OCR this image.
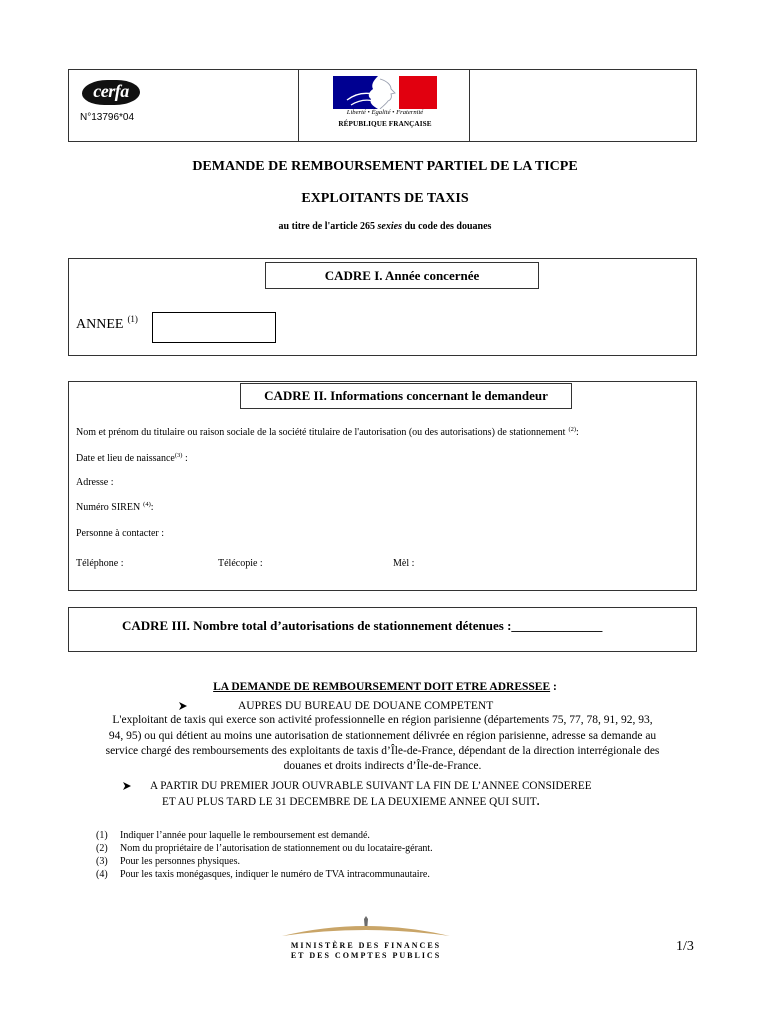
cerfa
N°13796*04	Liberté • Égalité • Fraternité
RÉPUBLIQUE FRANÇAISE
DEMANDE DE REMBOURSEMENT PARTIEL DE LA TICPE
EXPLOITANTS DE TAXIS
au titre de l'article 265 sexies du code des douanes
CADRE I. Année concernée
ANNEE $^{(1)}$
CADRE II. Informations concernant le demandeur
Nom et prénom du titulaire ou raison sociale de la société titulaire de l'autorisation (ou des autorisations) de stationnement $^{(2)}$:
Date et lieu de naissance$^{(3)}$ :
Adresse :
Numéro SIREN $^{(4)}$:
Personne à contacter :
Téléphone :	Télécopie :	Mèl :
CADRE III. Nombre total d’autorisations de stationnement détenues :______________
LA DEMANDE DE REMBOURSEMENT DOIT ETRE ADRESSEE :
AUPRES DU BUREAU DE DOUANE COMPETENT
L'exploitant de taxis qui exerce son activité professionnelle en région parisienne (départements 75, 77, 78, 91, 92, 93,
94, 95) ou qui détient au moins une autorisation de stationnement délivrée en région parisienne, adresse sa demande au
service chargé des remboursements des exploitants de taxis d’Île-de-France, dépendant de la direction interrégionale des
douanes et droits indirects d’Île-de-France.
A PARTIR DU PREMIER JOUR OUVRABLE SUIVANT LA FIN DE L’ANNEE CONSIDEREE
ET AU PLUS TARD LE 31 DECEMBRE DE LA DEUXIEME ANNEE QUI SUIT.
(1) Indiquer l’année pour laquelle le remboursement est demandé.
(2) Nom du propriétaire de l’autorisation de stationnement ou du locataire-gérant.
(3) Pour les personnes physiques.
(4) Pour les taxis monégasques, indiquer le numéro de TVA intracommunautaire.
MINISTÈRE DES FINANCES
ET DES COMPTES PUBLICS
1/3
